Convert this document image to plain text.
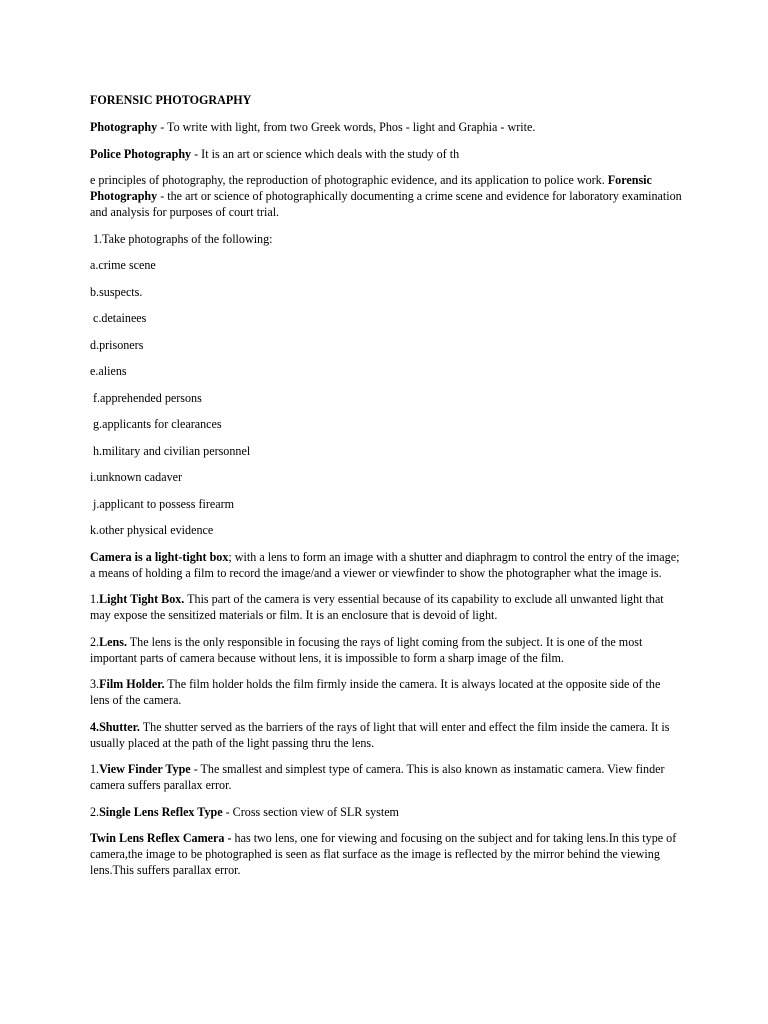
FORENSIC PHOTOGRAPHY

Photography - To write with light, from two Greek words, Phos - light and Graphia - write.

Police Photography - It is an art or science which deals with the study of th

e principles of photography, the reproduction of photographic evidence, and its application to police work. Forensic Photography - the art or science of photographically documenting a crime scene and evidence for laboratory examination and analysis for purposes of court trial.

1.Take photographs of the following:

a.crime scene

b.suspects.

c.detainees

d.prisoners

e.aliens

f.apprehended persons

g.applicants for clearances

h.military and civilian personnel

i.unknown cadaver

j.applicant to possess firearm

k.other physical evidence

Camera is a light-tight box; with a lens to form an image with a shutter and diaphragm to control the entry of the image; a means of holding a film to record the image/and a viewer or viewfinder to show the photographer what the image is.

1.Light Tight Box. This part of the camera is very essential because of its capability to exclude all unwanted light that may expose the sensitized materials or film. It is an enclosure that is devoid of light.

2.Lens. The lens is the only responsible in focusing the rays of light coming from the subject. It is one of the most important parts of camera because without lens, it is impossible to form a sharp image of the film.

3.Film Holder. The film holder holds the film firmly inside the camera. It is always located at the opposite side of the lens of the camera.

4.Shutter. The shutter served as the barriers of the rays of light that will enter and effect the film inside the camera. It is usually placed at the path of the light passing thru the lens.

1.View Finder Type - The smallest and simplest type of camera. This is also known as instamatic camera. View finder camera suffers parallax error.

2.Single Lens Reflex Type - Cross section view of SLR system

Twin Lens Reflex Camera - has two lens, one for viewing and focusing on the subject and for taking lens.In this type of camera,the image to be photographed is seen as flat surface as the image is reflected by the mirror behind the viewing lens.This suffers parallax error.
